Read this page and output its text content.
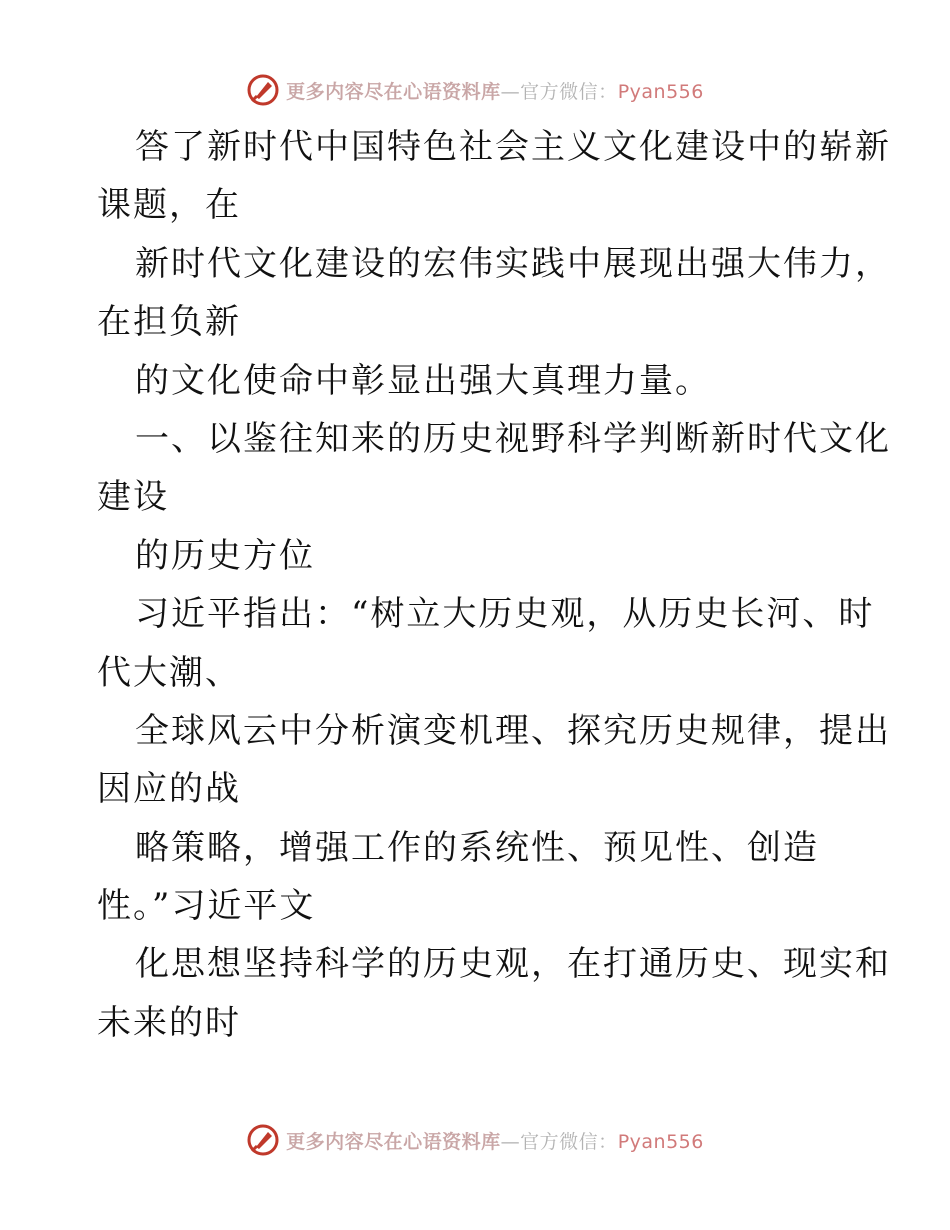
更多内容尽在心语资料库—官方微信：Pyan556
答了新时代中国特色社会主义文化建设中的崭新
课题，在
新时代文化建设的宏伟实践中展现出强大伟力，
在担负新
的文化使命中彰显出强大真理力量。
一、以鉴往知来的历史视野科学判断新时代文化
建设
的历史方位
习近平指出：“树立大历史观，从历史长河、时
代大潮、
全球风云中分析演变机理、探究历史规律，提出
因应的战
略策略，增强工作的系统性、预见性、创造
性。”习近平文
化思想坚持科学的历史观，在打通历史、现实和
未来的时
更多内容尽在心语资料库—官方微信：Pyan556
